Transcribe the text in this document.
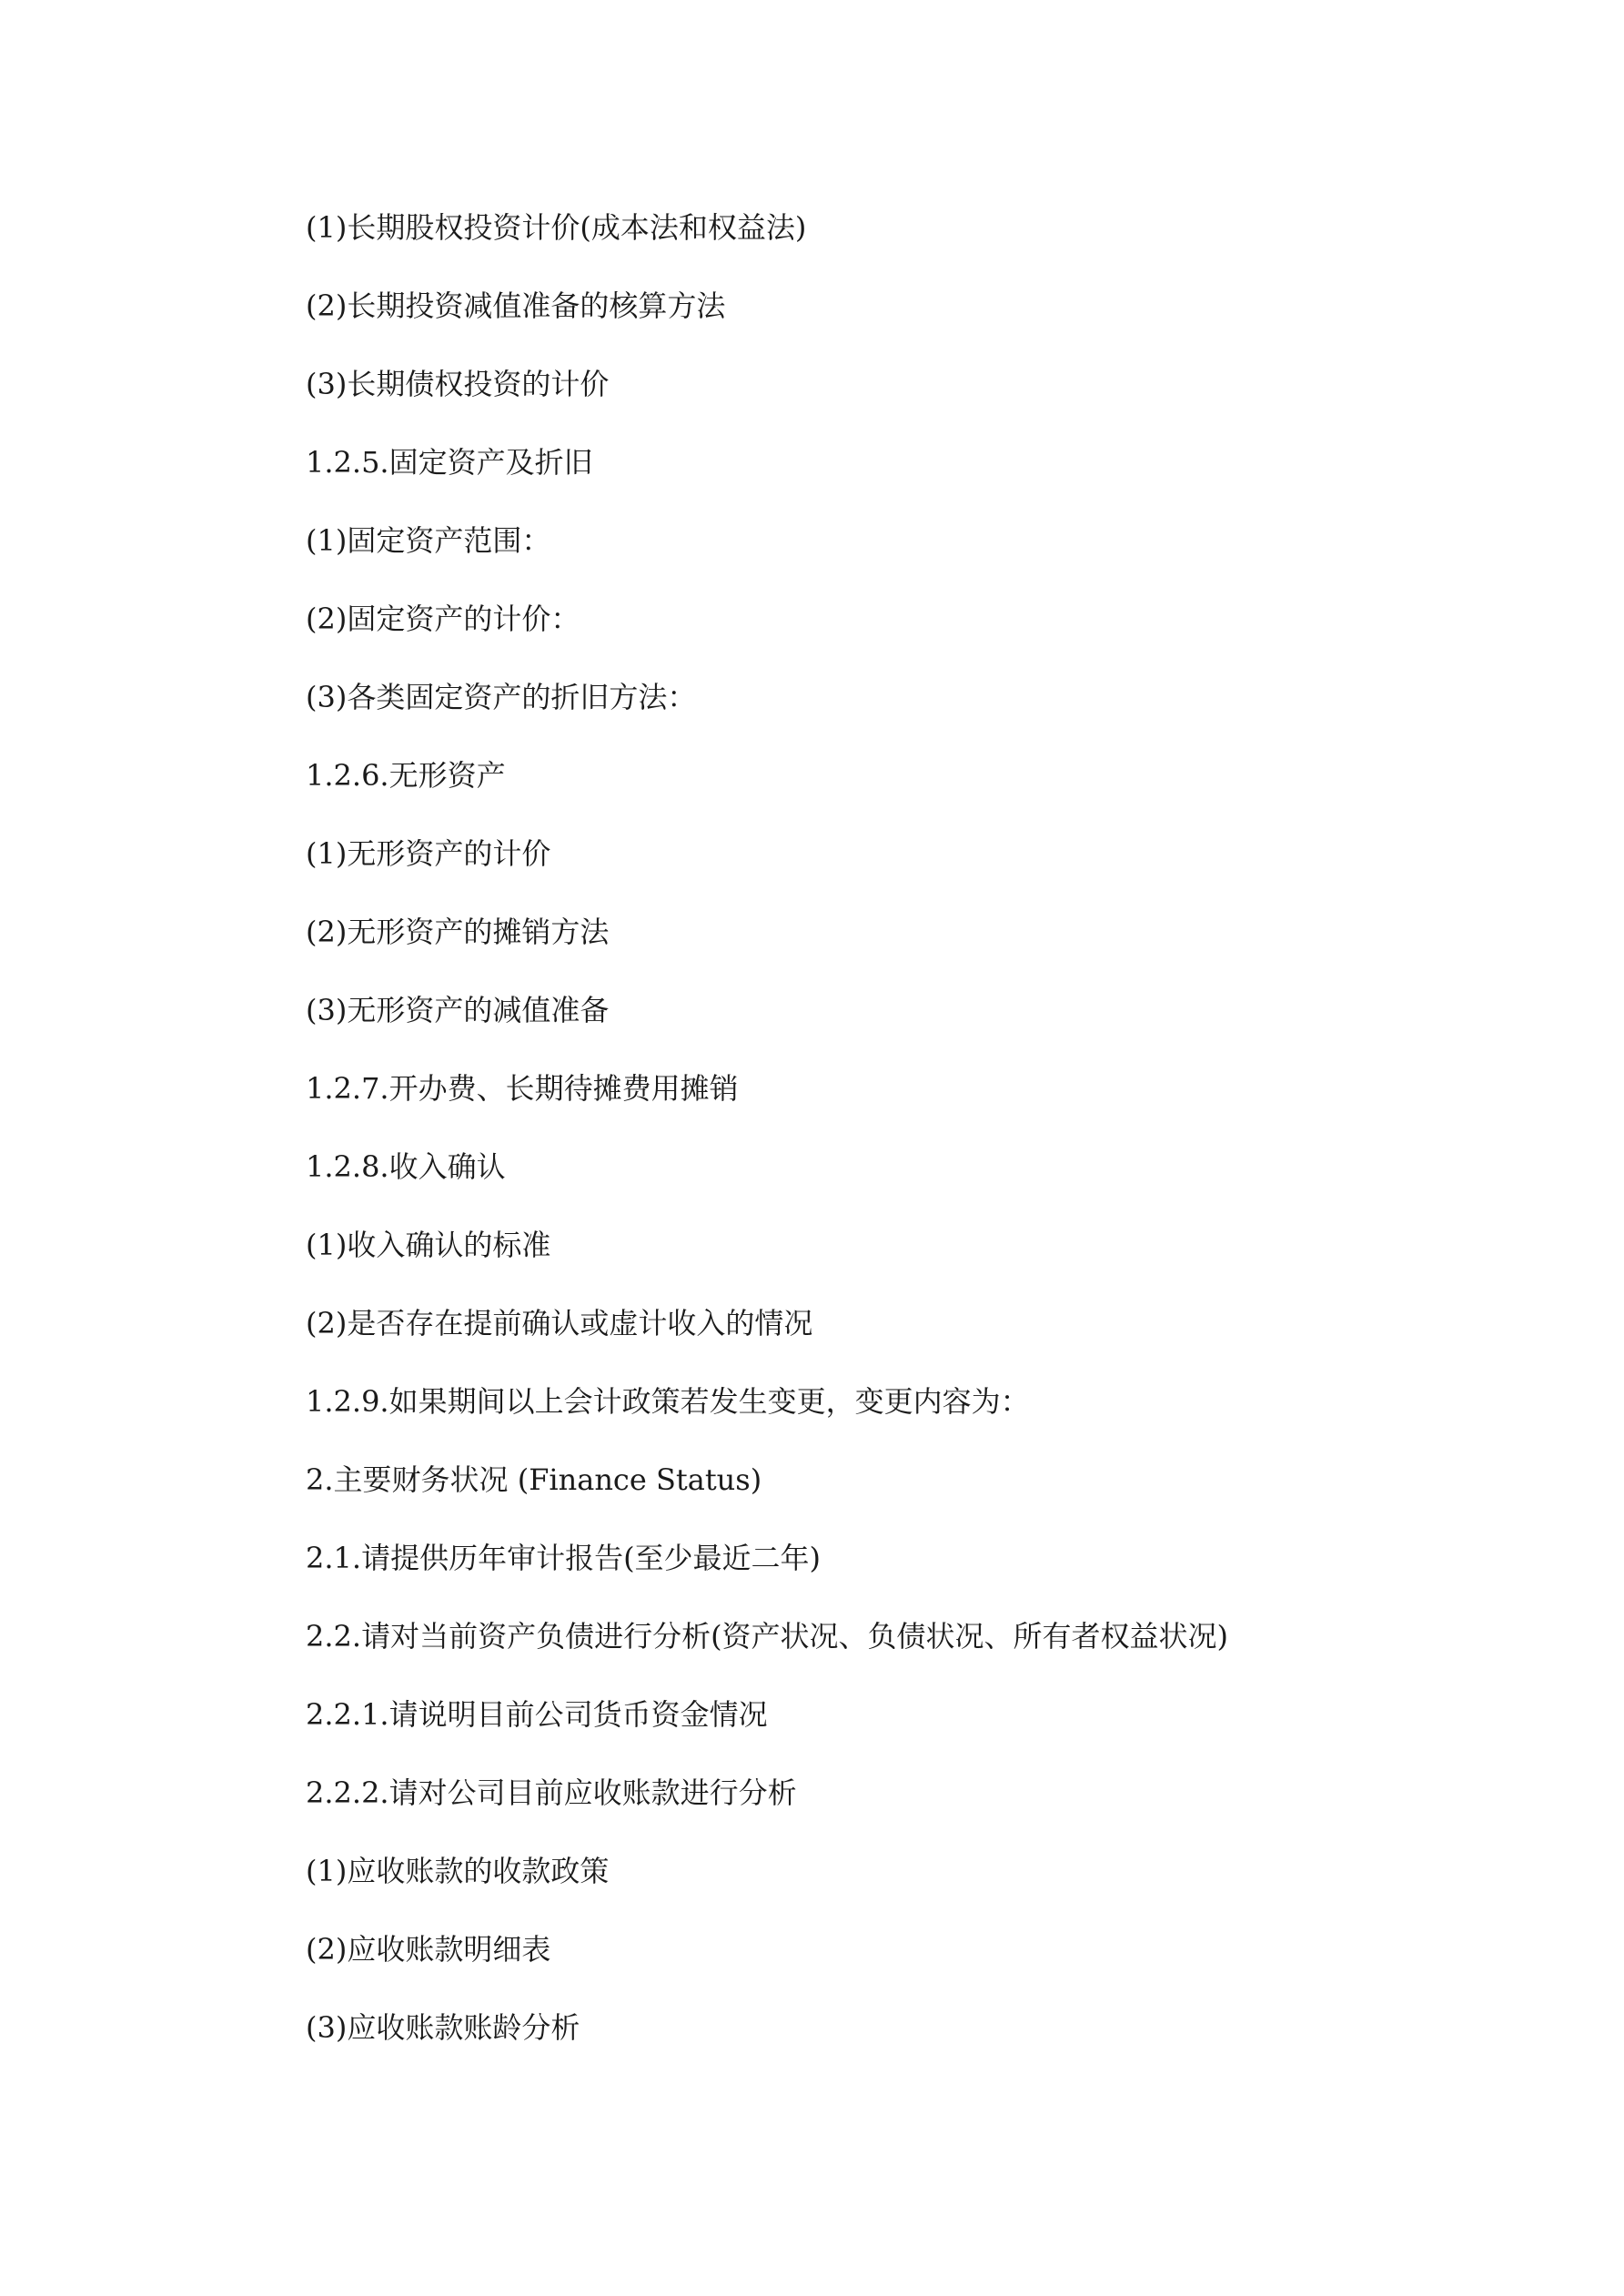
(1)长期股权投资计价(成本法和权益法)
(2)长期投资减值准备的核算方法
(3)长期债权投资的计价
1.2.5.固定资产及折旧
(1)固定资产范围：
(2)固定资产的计价：
(3)各类固定资产的折旧方法：
1.2.6.无形资产
(1)无形资产的计价
(2)无形资产的摊销方法
(3)无形资产的减值准备
1.2.7.开办费、长期待摊费用摊销
1.2.8.收入确认
(1)收入确认的标准
(2)是否存在提前确认或虚计收入的情况
1.2.9.如果期间以上会计政策若发生变更，变更内容为：
2.主要财务状况 (Finance Status)
2.1.请提供历年审计报告(至少最近二年)
2.2.请对当前资产负债进行分析(资产状况、负债状况、所有者权益状况)
2.2.1.请说明目前公司货币资金情况
2.2.2.请对公司目前应收账款进行分析
(1)应收账款的收款政策
(2)应收账款明细表
(3)应收账款账龄分析
